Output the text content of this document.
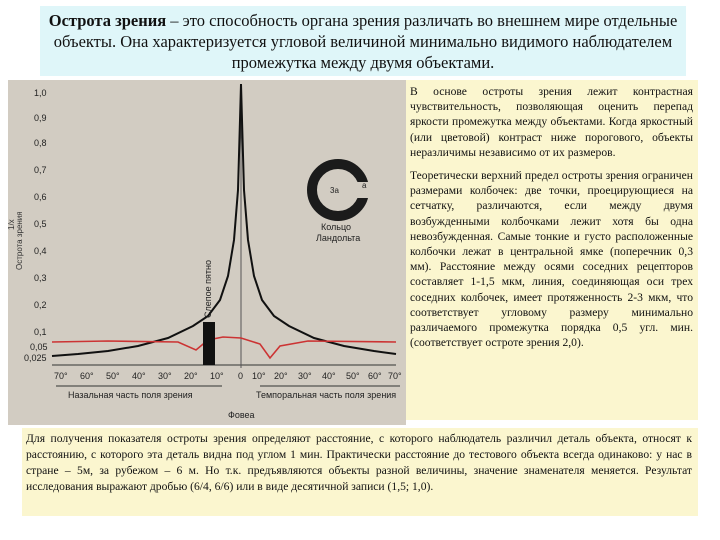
Острота зрения – это способность органа зрения различать во внешнем мире отдельные объекты. Она характеризуется угловой величиной минимально видимого наблюдателем промежутка между двумя объектами.
1,0
0,9
0,8
0,7
0,6
0,5
0,4
0,3
0,2
0,1
0,05
0,025
Острота зрения
1/x
Слепое пятно
3а
а
Кольцо
Ландольта
70° 60° 50° 40° 30° 20° 10° 0 10° 20° 30° 40° 50° 60° 70°
Назальная часть поля зрения	Темпоральная часть поля зрения
Фовеа

В основе остроты зрения лежит контрастная чувствительность, позволяющая оценить перепад яркости промежутка между объектами. Когда яркостный (или цветовой) контраст ниже порогового, объекты неразличимы независимо от их размеров.

Теоретически верхний предел остроты зрения ограничен размерами колбочек: две точки, проецирующиеся на сетчатку, различаются, если между двумя возбужденными колбочками лежит хотя бы одна невозбужденная. Самые тонкие и густо расположенные колбочки лежат в центральной ямке (поперечник 0,3 мм). Расстояние между осями соседних рецепторов составляет 1-1,5 мкм, линия, соединяющая оси трех соседних колбочек, имеет протяженность 2-3 мкм, что соответствует угловому размеру минимально различаемого промежутка порядка 0,5 угл. мин. (соответствует остроте зрения 2,0).

Для получения показателя остроты зрения определяют расстояние, с которого наблюдатель различил деталь объекта, относят к расстоянию, с которого эта деталь видна под углом 1 мин. Практически расстояние до тестового объекта всегда одинаково: у нас в стране – 5м, за рубежом – 6 м. Но т.к. предъявляются объекты разной величины, значение знаменателя меняется. Результат исследования выражают дробью (6/4, 6/6) или в виде десятичной записи (1,5; 1,0).
